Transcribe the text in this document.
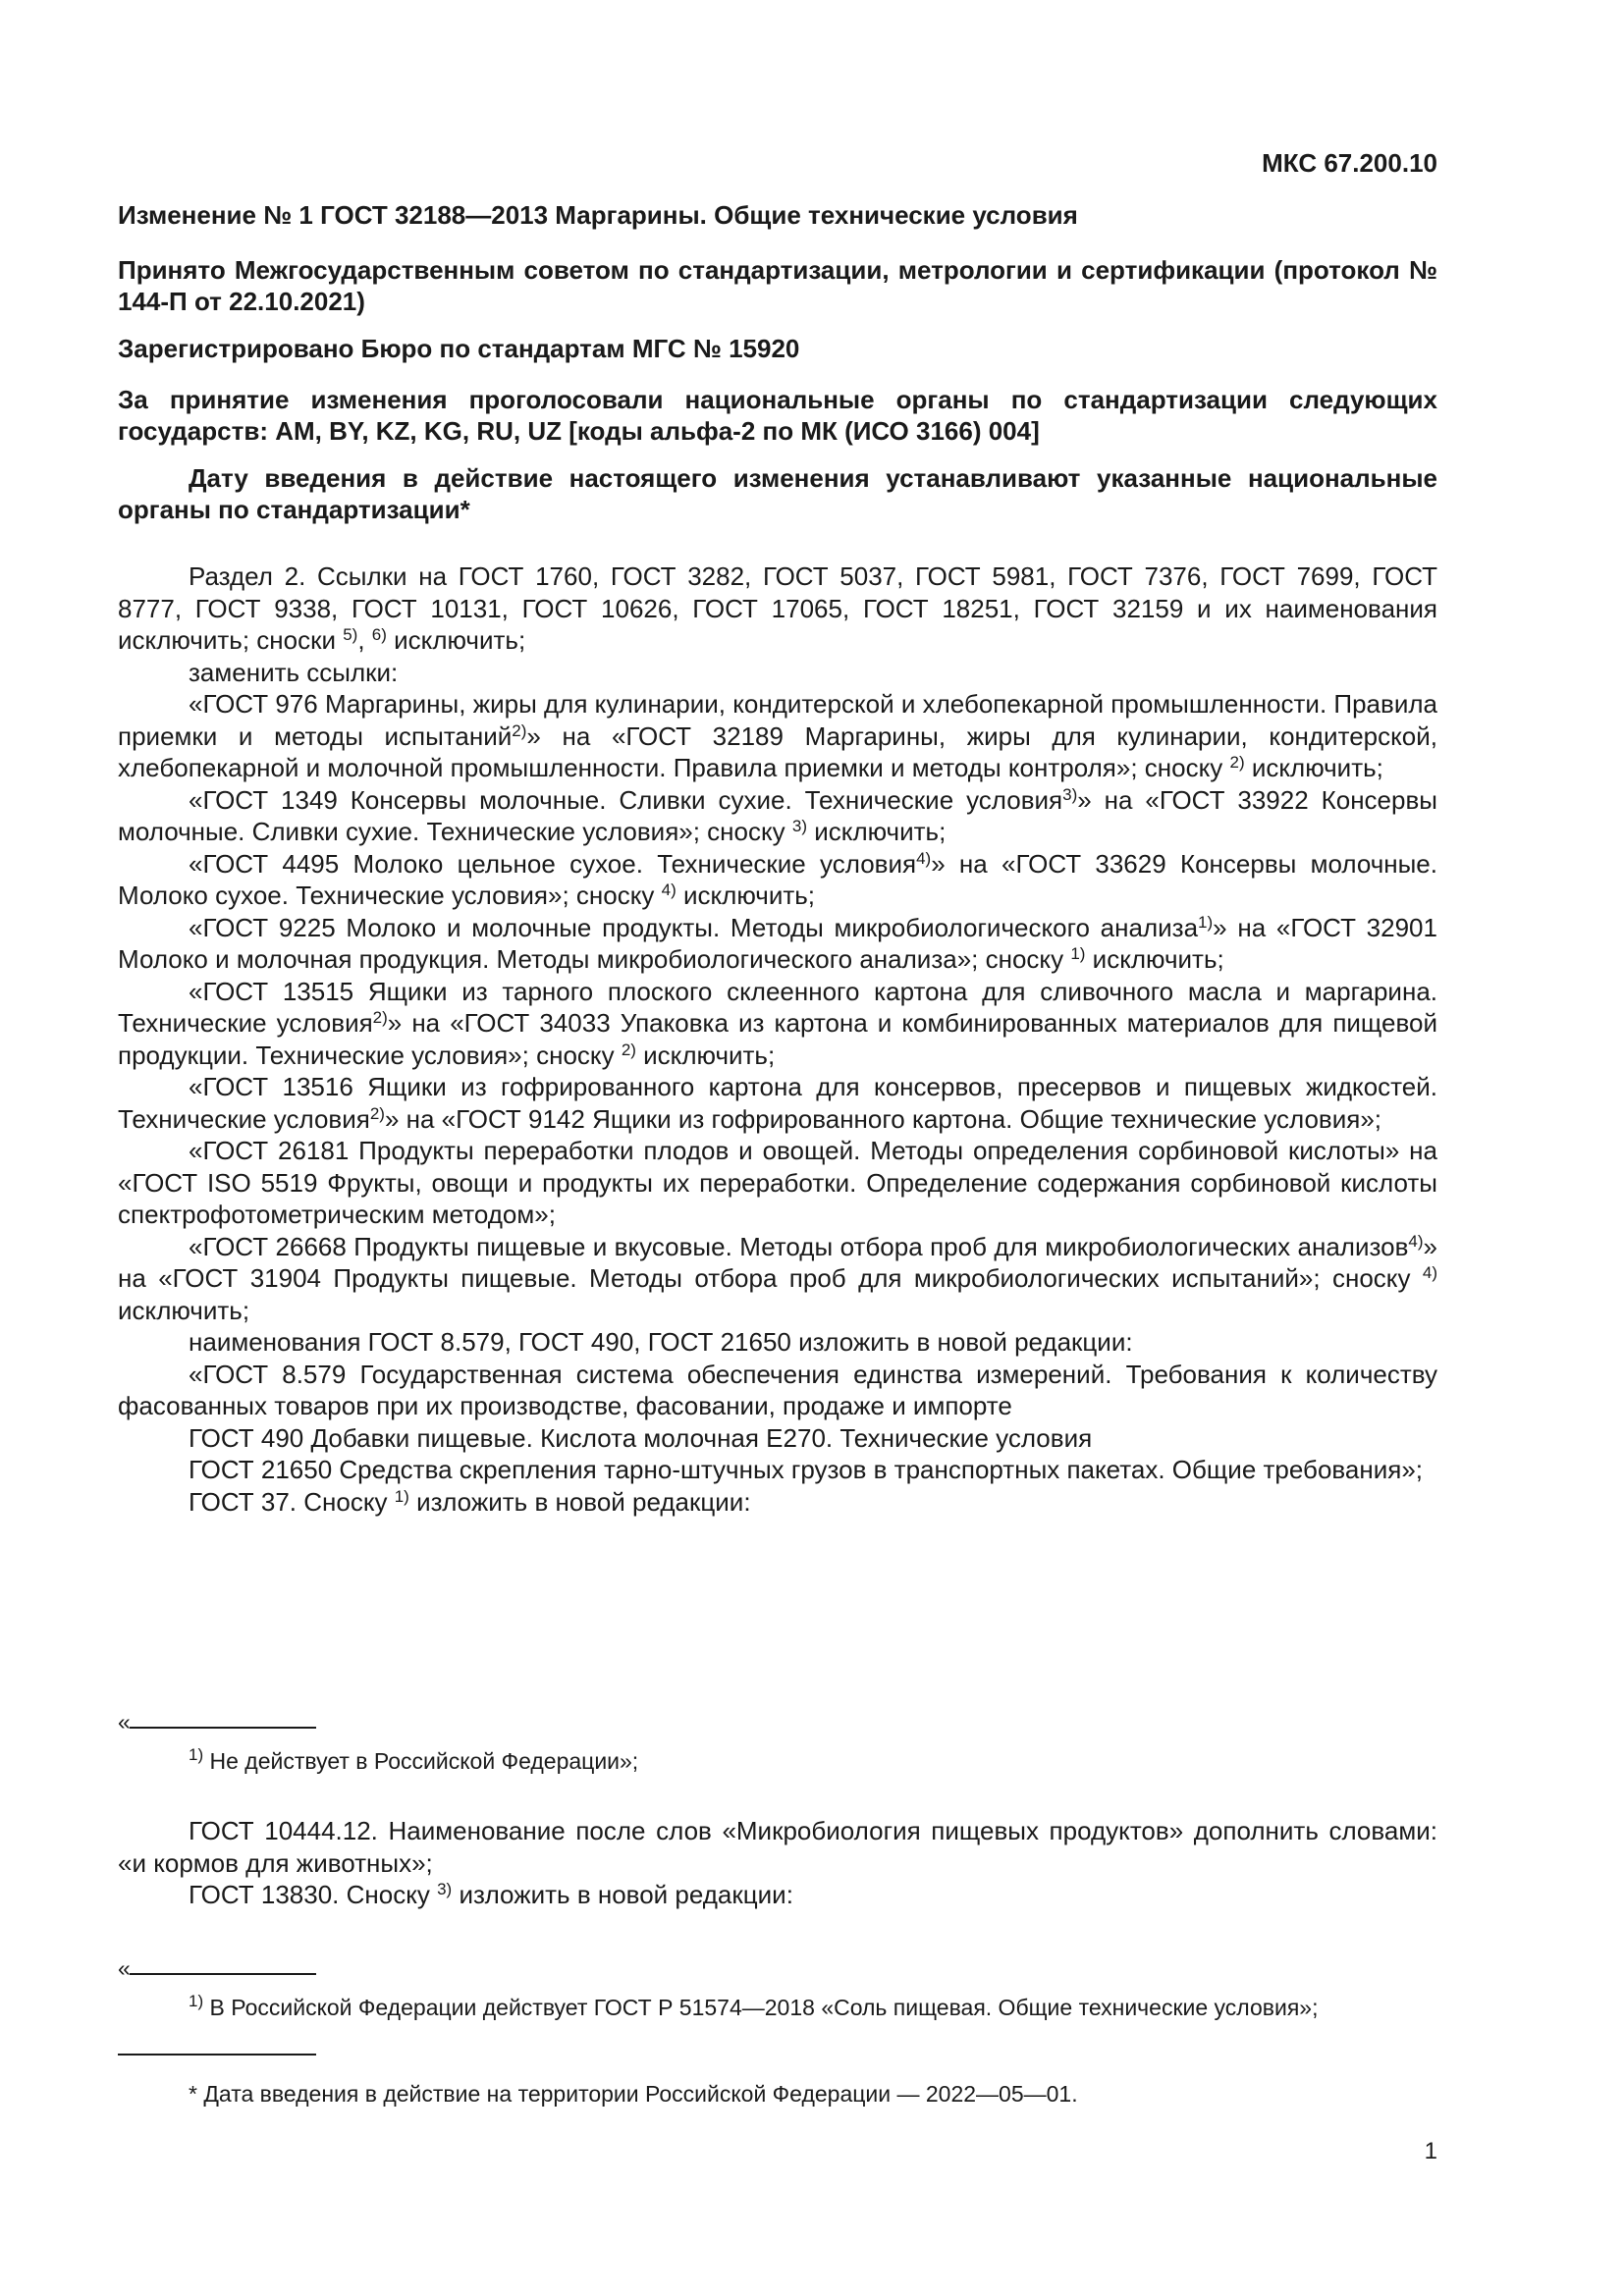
МКС 67.200.10
Изменение № 1 ГОСТ 32188—2013 Маргарины. Общие технические условия
Принято Межгосударственным советом по стандартизации, метрологии и сертификации (протокол № 144-П от 22.10.2021)
Зарегистрировано Бюро по стандартам МГС № 15920
За принятие изменения проголосовали национальные органы по стандартизации следующих государств: AM, BY, KZ, KG, RU, UZ [коды альфа-2 по МК (ИСО 3166) 004]
Дату введения в действие настоящего изменения устанавливают указанные национальные органы по стандартизации*

Раздел 2. Ссылки на ГОСТ 1760, ГОСТ 3282, ГОСТ 5037, ГОСТ 5981, ГОСТ 7376, ГОСТ 7699, ГОСТ 8777, ГОСТ 9338, ГОСТ 10131, ГОСТ 10626, ГОСТ 17065, ГОСТ 18251, ГОСТ 32159 и их наименования исключить; сноски $^{5)}$, $^{6)}$ исключить;

заменить ссылки:

«ГОСТ 976 Маргарины, жиры для кулинарии, кондитерской и хлебопекарной промышленности. Правила приемки и методы испытаний$^{2)}$» на «ГОСТ 32189 Маргарины, жиры для кулинарии, кондитерской, хлебопекарной и молочной промышленности. Правила приемки и методы контроля»; сноску $^{2)}$ исключить;

«ГОСТ 1349 Консервы молочные. Сливки сухие. Технические условия$^{3)}$» на «ГОСТ 33922 Консервы молочные. Сливки сухие. Технические условия»; сноску $^{3)}$ исключить;

«ГОСТ 4495 Молоко цельное сухое. Технические условия$^{4)}$» на «ГОСТ 33629 Консервы молочные. Молоко сухое. Технические условия»; сноску $^{4)}$ исключить;

«ГОСТ 9225 Молоко и молочные продукты. Методы микробиологического анализа$^{1)}$» на «ГОСТ 32901 Молоко и молочная продукция. Методы микробиологического анализа»; сноску $^{1)}$ исключить;

«ГОСТ 13515 Ящики из тарного плоского склеенного картона для сливочного масла и маргарина. Технические условия$^{2)}$» на «ГОСТ 34033 Упаковка из картона и комбинированных материалов для пищевой продукции. Технические условия»; сноску $^{2)}$ исключить;

«ГОСТ 13516 Ящики из гофрированного картона для консервов, пресервов и пищевых жидкостей. Технические условия$^{2)}$» на «ГОСТ 9142 Ящики из гофрированного картона. Общие технические условия»;

«ГОСТ 26181 Продукты переработки плодов и овощей. Методы определения сорбиновой кислоты» на «ГОСТ ISO 5519 Фрукты, овощи и продукты их переработки. Определение содержания сорбиновой кислоты спектрофотометрическим методом»;

«ГОСТ 26668 Продукты пищевые и вкусовые. Методы отбора проб для микробиологических анализов$^{4)}$» на «ГОСТ 31904 Продукты пищевые. Методы отбора проб для микробиологических испытаний»; сноску $^{4)}$ исключить;

наименования ГОСТ 8.579, ГОСТ 490, ГОСТ 21650 изложить в новой редакции:

«ГОСТ 8.579 Государственная система обеспечения единства измерений. Требования к количеству фасованных товаров при их производстве, фасовании, продаже и импорте

ГОСТ 490 Добавки пищевые. Кислота молочная Е270. Технические условия

ГОСТ 21650 Средства скрепления тарно-штучных грузов в транспортных пакетах. Общие требования»;

ГОСТ 37. Сноску $^{1)}$ изложить в новой редакции:

«
$^{1)}$ Не действует в Российской Федерации»;

ГОСТ 10444.12. Наименование после слов «Микробиология пищевых продуктов» дополнить словами: «и кормов для животных»;

ГОСТ 13830. Сноску $^{3)}$ изложить в новой редакции:

«
$^{1)}$ В Российской Федерации действует ГОСТ Р 51574—2018 «Соль пищевая. Общие технические условия»;
* Дата введения в действие на территории Российской Федерации — 2022—05—01.
1
